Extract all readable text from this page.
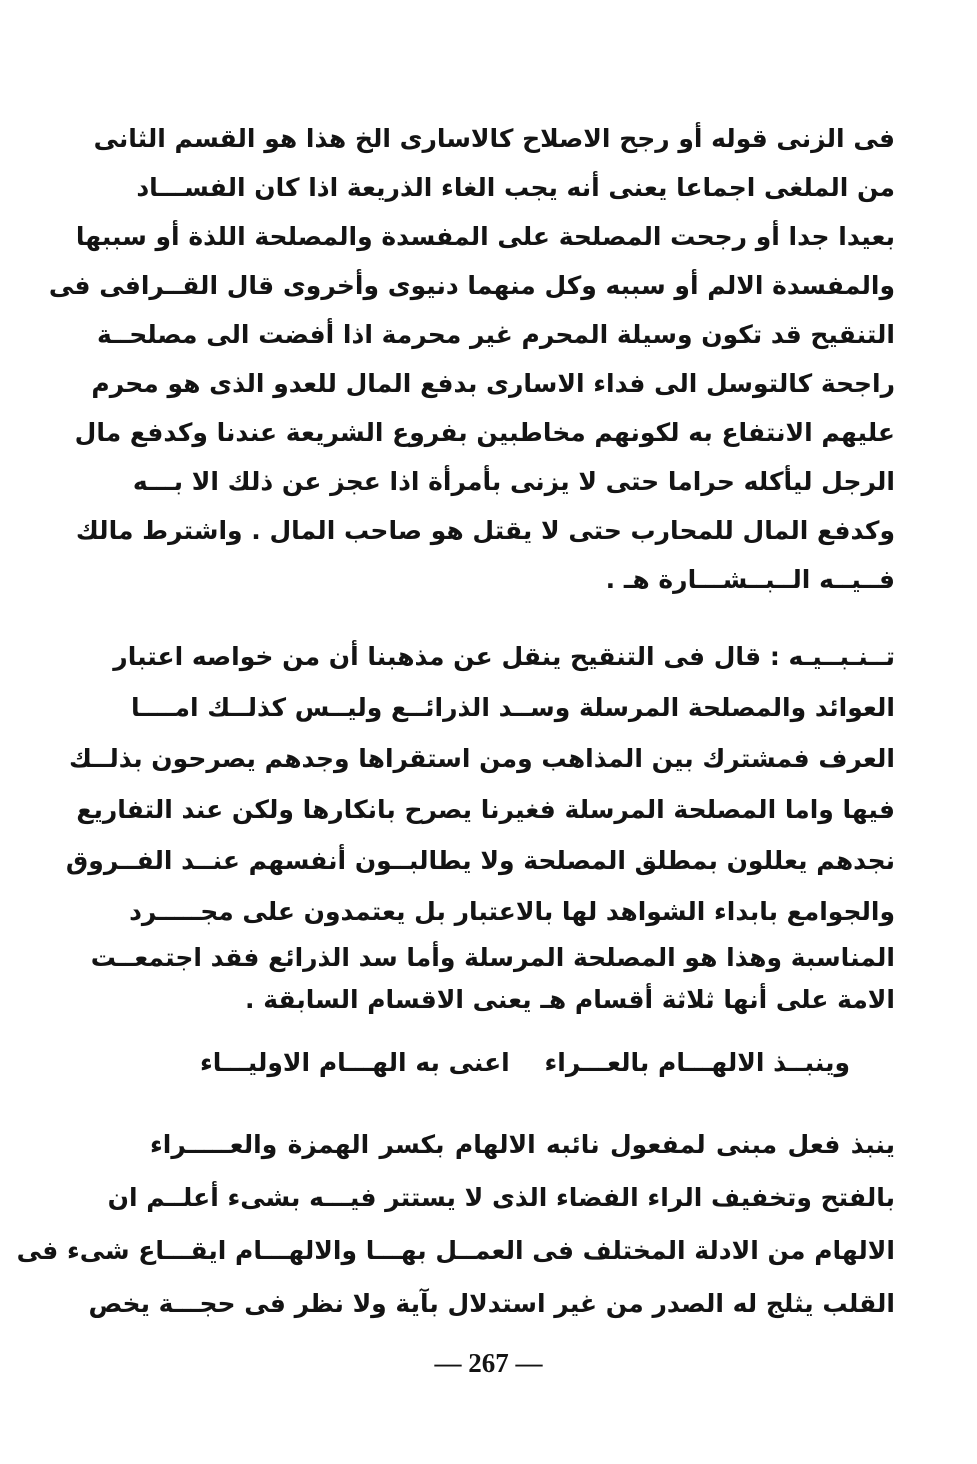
فى الزنى قوله أو رجح الاصلاح كالاسارى الخ هذا هو القسم الثانى
من الملغى اجماعا يعنى أنه يجب الغاء الذريعة اذا كان الفســـاد
بعيدا جدا أو رجحت المصلحة على المفسدة والمصلحة اللذة أو سببها
والمفسدة الالم أو سببه وكل منهما دنيوى وأخروى قال القــرافى فى
التنقيح قد تكون وسيلة المحرم غير محرمة اذا أفضت الى مصلحــة
راجحة كالتوسل الى فداء الاسارى بدفع المال للعدو الذى هو محرم
عليهم الانتفاع به لكونهم مخاطبين بفروع الشريعة عندنا وكدفع مال
الرجل ليأكله حراما حتى لا يزنى بأمرأة اذا عجز عن ذلك الا بـــه
وكدفع المال للمحارب حتى لا يقتل هو صاحب المال . واشترط مالك
فــيــه الــبــشـــارة هـ .
تــنـبــيـه : قال فى التنقيح ينقل عن مذهبنا أن من خواصه اعتبار
العوائد والمصلحة المرسلة وســد الذرائــع وليــس كذلــك امــــا
العرف فمشترك بين المذاهب ومن استقراها وجدهم يصرحون بذلــك
فيها واما المصلحة المرسلة فغيرنا يصرح بانكارها ولكن عند التفاريع
نجدهم يعللون بمطلق المصلحة ولا يطالبــون أنفسهم عنــد الفــروق
والجوامع بابداء الشواهد لها بالاعتبار بل يعتمدون على مجـــــرد
المناسبة وهذا هو المصلحة المرسلة وأما سد الذرائع فقد اجتمعــت
الامة على أنها ثلاثة أقسام هـ يعنى الاقسام السابقة .
وينبــذ الالهـــام بالعـــراء
اعنى به الهـــام الاوليـــاء
ينبذ فعل مبنى لمفعول نائبه الالهام بكسر الهمزة والعـــــراء
بالفتح وتخفيف الراء الفضاء الذى لا يستتر فيـــه بشىء أعلــم ان
الالهام من الادلة المختلف فى العمــل بهـــا والالهـــام ايقـــاع شىء فى
القلب يثلج له الصدر من غير استدلال بآية ولا نظر فى حجـــة يخص
— 267 —
